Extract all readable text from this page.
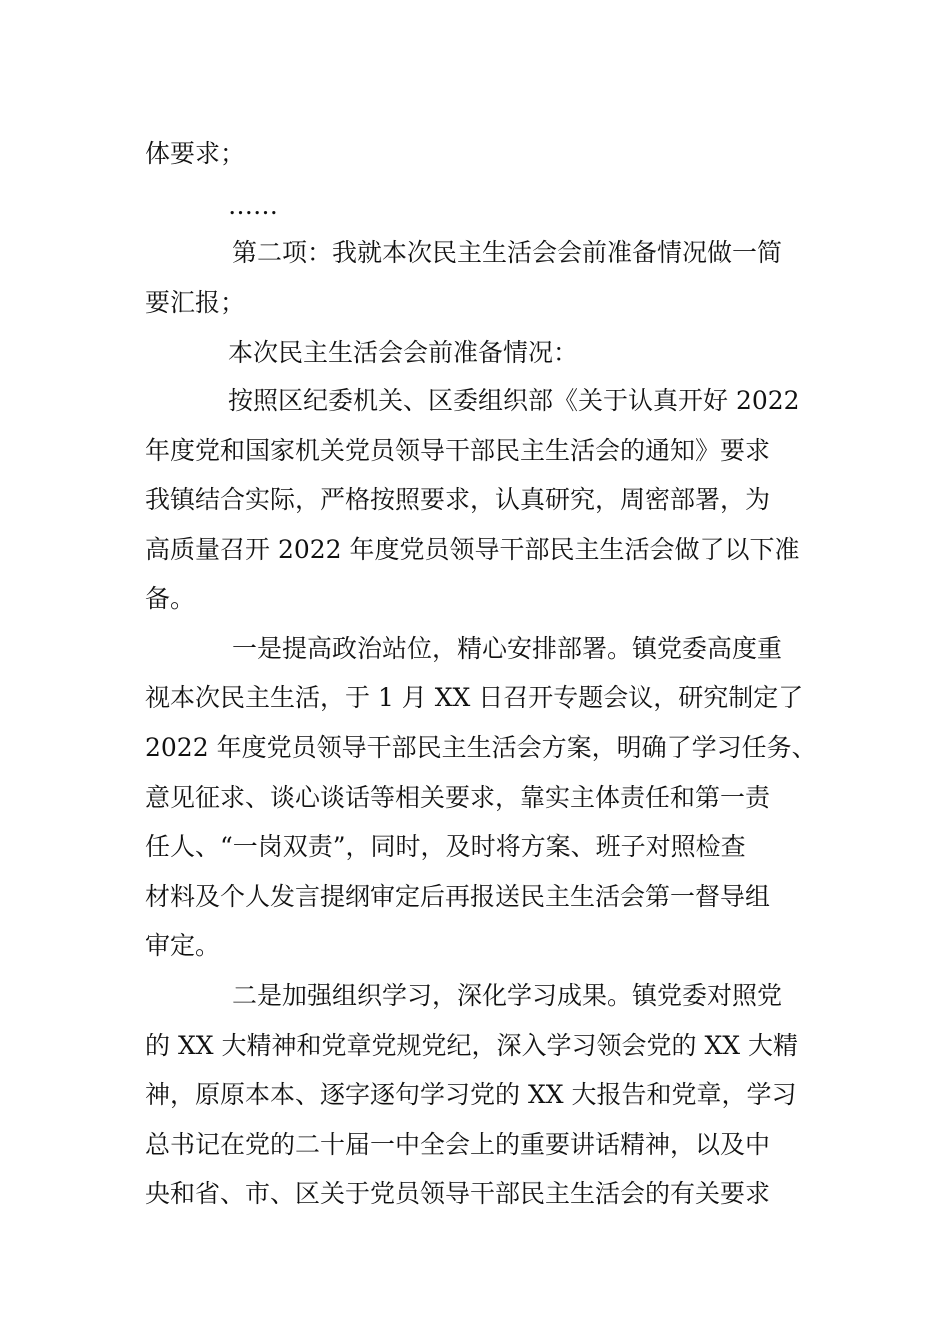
体要求；

……

第二项：我就本次民主生活会会前准备情况做一简

要汇报；

本次民主生活会会前准备情况：

按照区纪委机关、区委组织部《关于认真开好 2022

年度党和国家机关党员领导干部民主生活会的通知》要求

我镇结合实际，严格按照要求，认真研究，周密部署，为

高质量召开 2022 年度党员领导干部民主生活会做了以下准

备。

一是提高政治站位，精心安排部署。镇党委高度重

视本次民主生活，于 1 月 XX 日召开专题会议，研究制定了

2022 年度党员领导干部民主生活会方案，明确了学习任务、

意见征求、谈心谈话等相关要求，靠实主体责任和第一责

任人、“一岗双责”，同时，及时将方案、班子对照检查

材料及个人发言提纲审定后再报送民主生活会第一督导组

审定。

二是加强组织学习，深化学习成果。镇党委对照党

的 XX 大精神和党章党规党纪，深入学习领会党的 XX 大精

神，原原本本、逐字逐句学习党的 XX 大报告和党章，学习

总书记在党的二十届一中全会上的重要讲话精神，以及中

央和省、市、区关于党员领导干部民主生活会的有关要求
